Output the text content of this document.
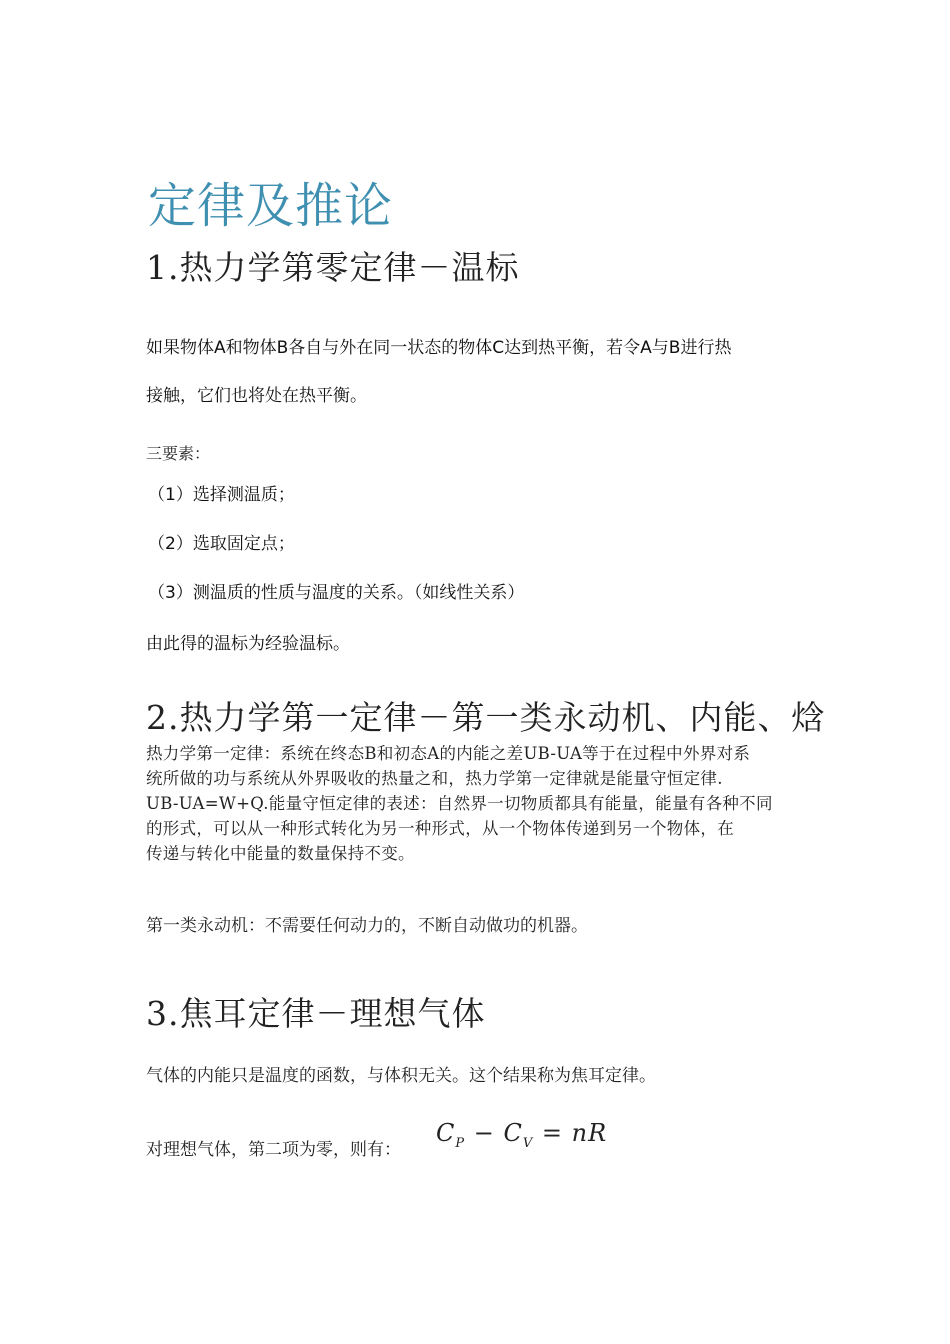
定律及推论
1.热力学第零定律－温标
如果物体A和物体B各自与外在同一状态的物体C达到热平衡，若令A与B进行热
接触，它们也将处在热平衡。
三要素：
（1）选择测温质；
（2）选取固定点；
（3）测温质的性质与温度的关系。（如线性关系）
由此得的温标为经验温标。
2.热力学第一定律－第一类永动机、内能、焓
热力学第一定律：系统在终态B和初态A的内能之差UB-UA等于在过程中外界对系
统所做的功与系统从外界吸收的热量之和，热力学第一定律就是能量守恒定律.
UB-UA=W+Q.能量守恒定律的表述：自然界一切物质都具有能量，能量有各种不同
的形式，可以从一种形式转化为另一种形式，从一个物体传递到另一个物体，在
传递与转化中能量的数量保持不变。
第一类永动机：不需要任何动力的，不断自动做功的机器。
3.焦耳定律－理想气体
气体的内能只是温度的函数，与体积无关。这个结果称为焦耳定律。
对理想气体，第二项为零，则有：
$C_P - C_V$ = nR
